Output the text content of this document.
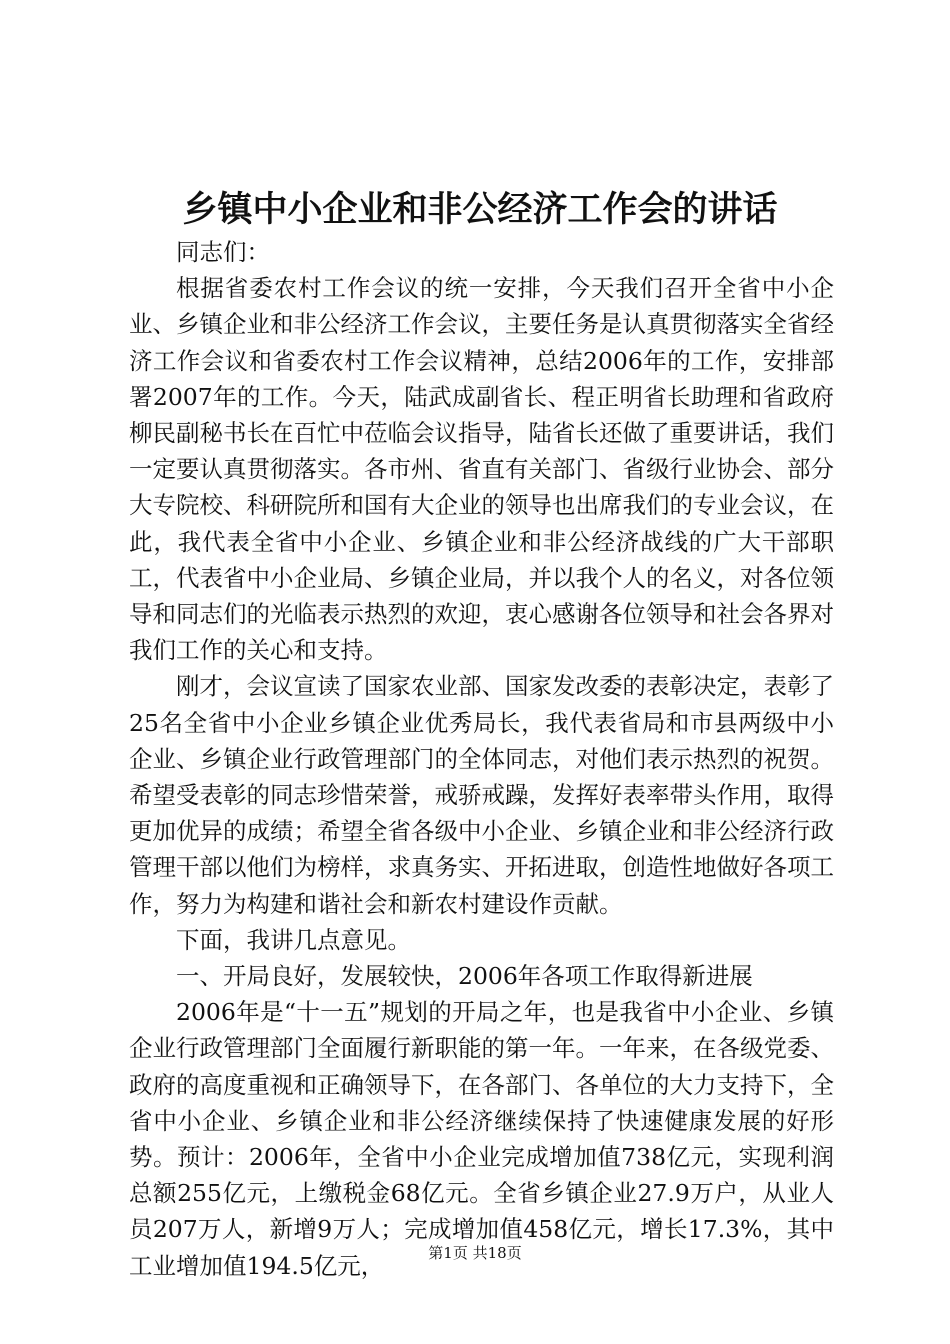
乡镇中小企业和非公经济工作会的讲话

同志们：

根据省委农村工作会议的统一安排，今天我们召开全省中小企业、乡镇企业和非公经济工作会议，主要任务是认真贯彻落实全省经济工作会议和省委农村工作会议精神，总结2006年的工作，安排部署2007年的工作。今天，陆武成副省长、程正明省长助理和省政府柳民副秘书长在百忙中莅临会议指导，陆省长还做了重要讲话，我们一定要认真贯彻落实。各市州、省直有关部门、省级行业协会、部分大专院校、科研院所和国有大企业的领导也出席我们的专业会议，在此，我代表全省中小企业、乡镇企业和非公经济战线的广大干部职工，代表省中小企业局、乡镇企业局，并以我个人的名义，对各位领导和同志们的光临表示热烈的欢迎，衷心感谢各位领导和社会各界对我们工作的关心和支持。

刚才，会议宣读了国家农业部、国家发改委的表彰决定，表彰了25名全省中小企业乡镇企业优秀局长，我代表省局和市县两级中小企业、乡镇企业行政管理部门的全体同志，对他们表示热烈的祝贺。希望受表彰的同志珍惜荣誉，戒骄戒躁，发挥好表率带头作用，取得更加优异的成绩；希望全省各级中小企业、乡镇企业和非公经济行政管理干部以他们为榜样，求真务实、开拓进取，创造性地做好各项工作，努力为构建和谐社会和新农村建设作贡献。

下面，我讲几点意见。

一、开局良好，发展较快，2006年各项工作取得新进展

2006年是“十一五”规划的开局之年，也是我省中小企业、乡镇企业行政管理部门全面履行新职能的第一年。一年来，在各级党委、政府的高度重视和正确领导下，在各部门、各单位的大力支持下，全省中小企业、乡镇企业和非公经济继续保持了快速健康发展的好形势。预计：2006年，全省中小企业完成增加值738亿元，实现利润总额255亿元，上缴税金68亿元。全省乡镇企业27.9万户，从业人员207万人，新增9万人；完成增加值458亿元，增长17.3%，其中工业增加值194.5亿元，	第1页 共18页
